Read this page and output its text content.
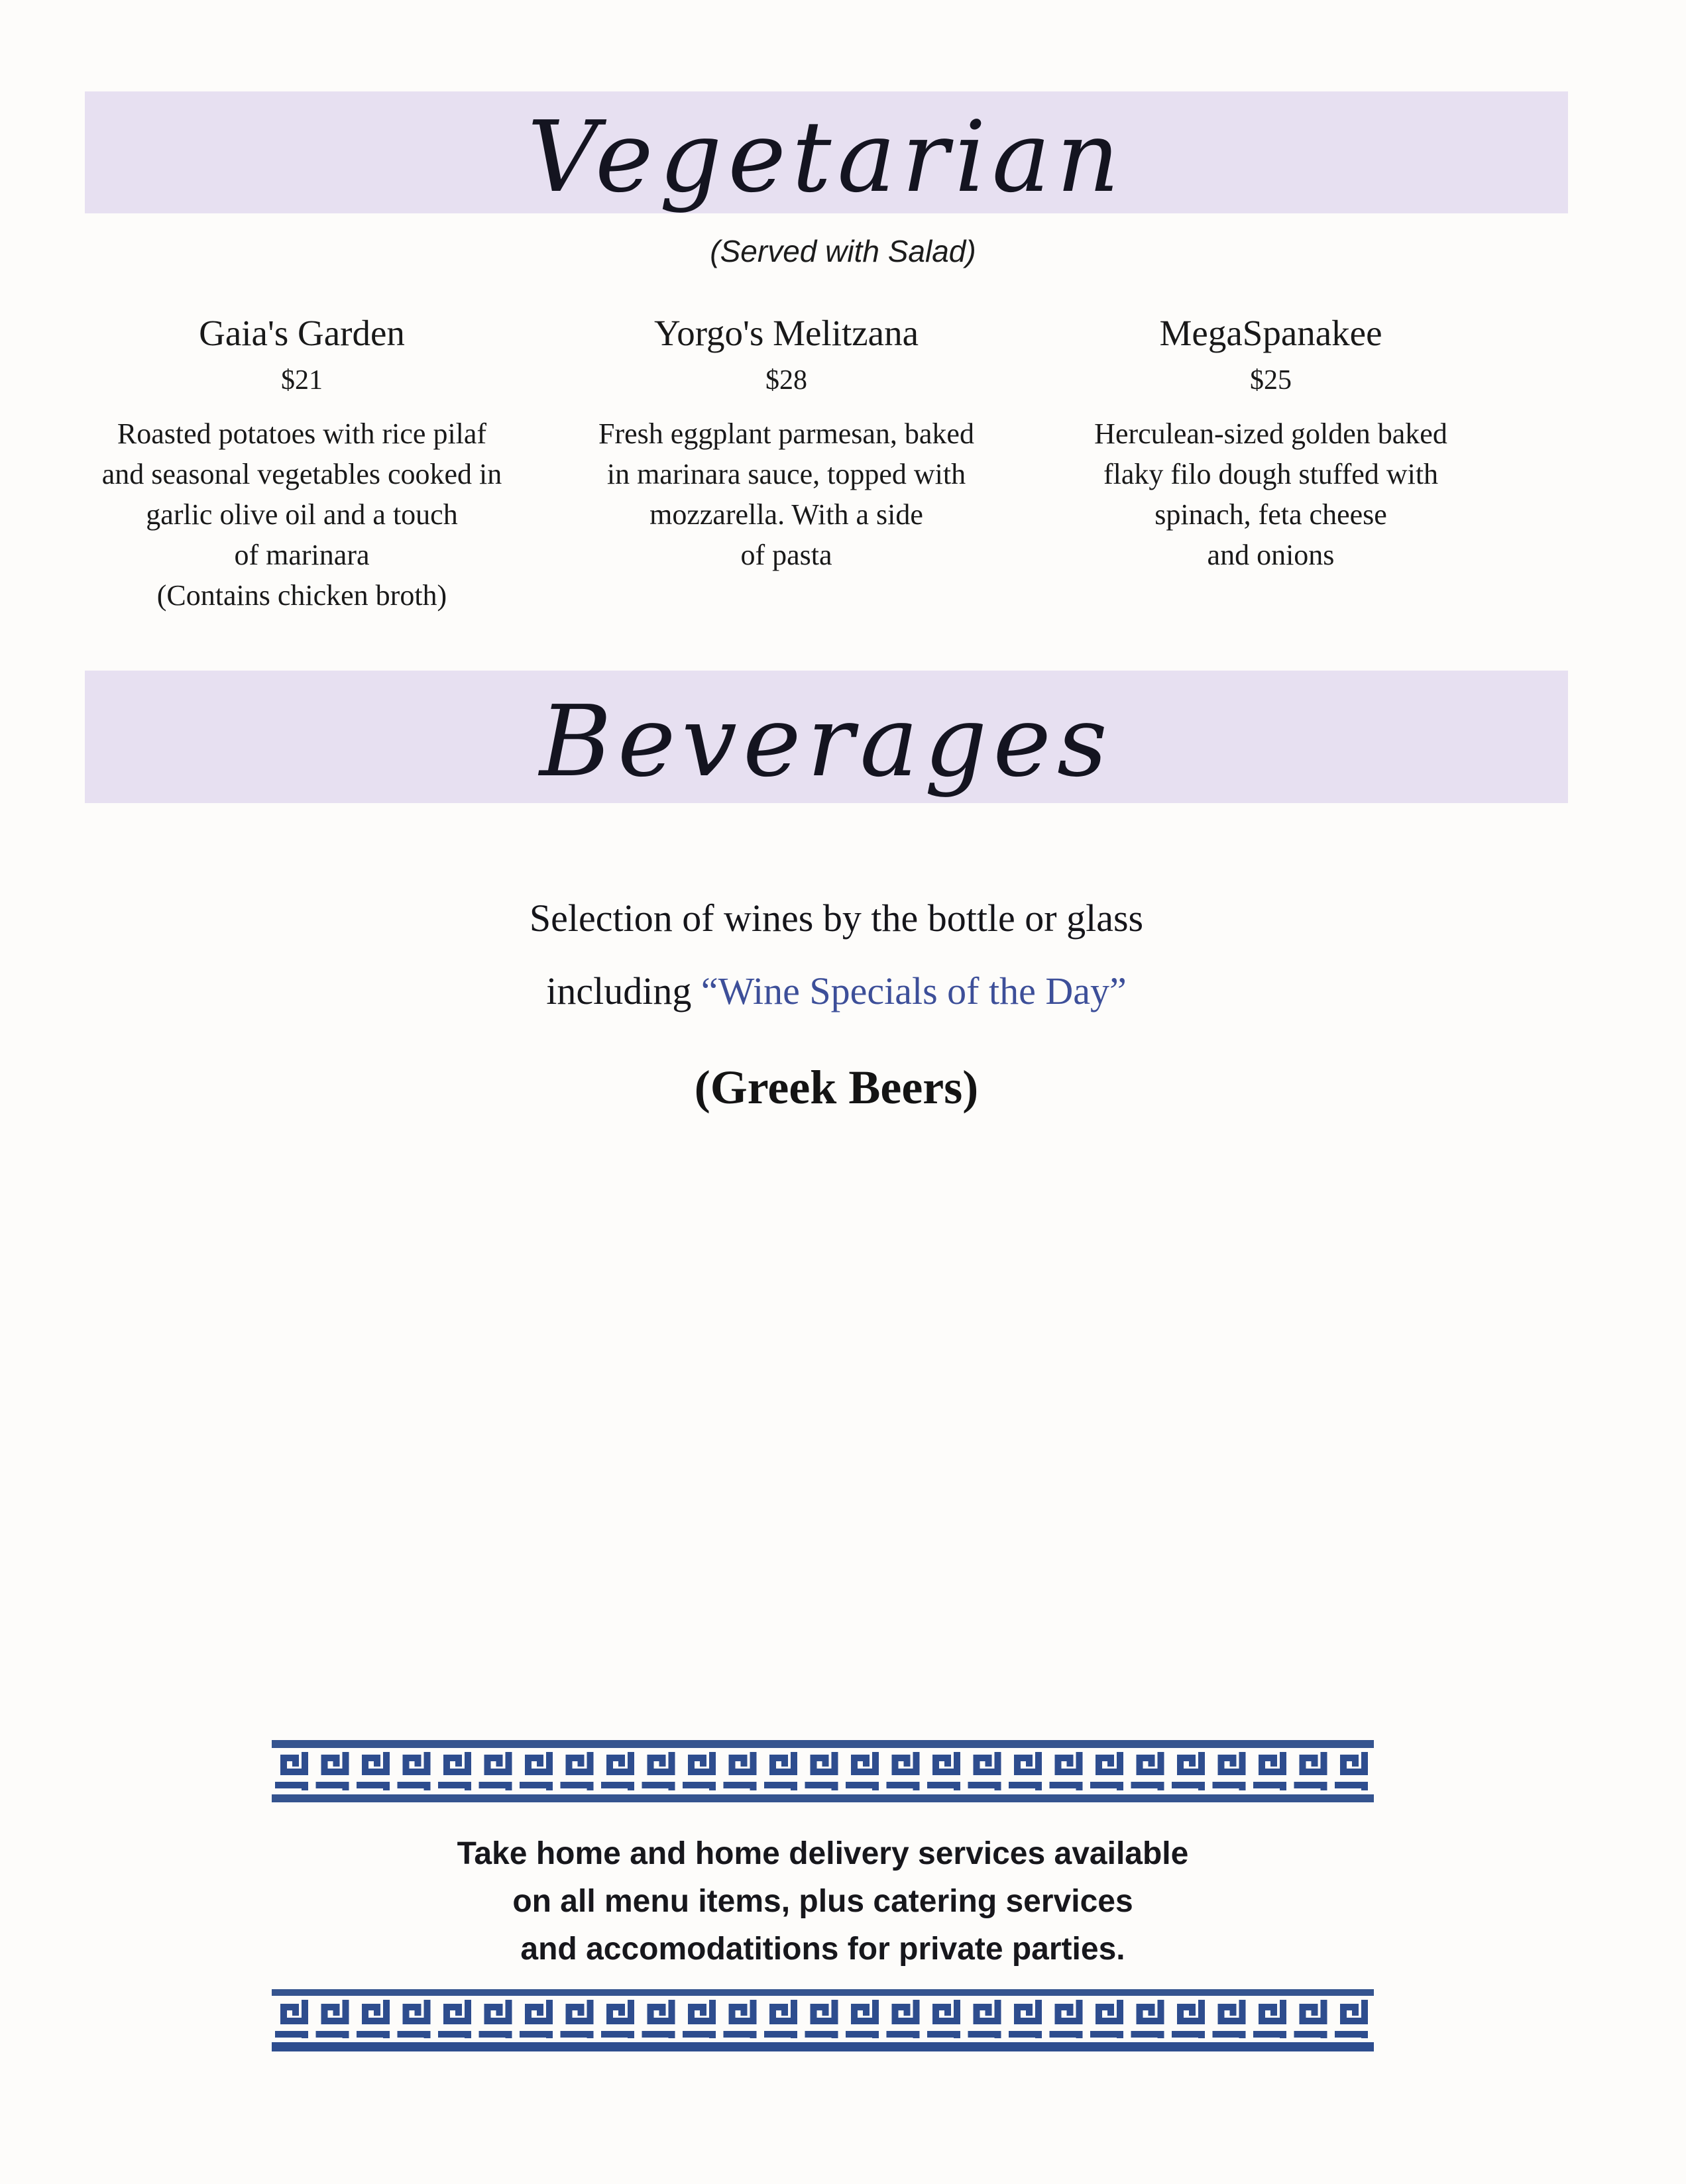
Vegetarian
(Served with Salad)
Gaia's Garden
$21
Roasted potatoes with rice pilaf
and seasonal vegetables cooked in
garlic olive oil and a touch
of marinara
(Contains chicken broth)
Yorgo's Melitzana
$28
Fresh eggplant parmesan, baked
in marinara sauce, topped with
mozzarella. With a side
of pasta
MegaSpanakee
$25
Herculean-sized golden baked
flaky filo dough stuffed with
spinach, feta cheese
and onions
Beverages
Selection of wines by the bottle or glass
including “Wine Specials of the Day”
(Greek Beers)
Take home and home delivery services available
on all menu items, plus catering services
and accomodatitions for private parties.
